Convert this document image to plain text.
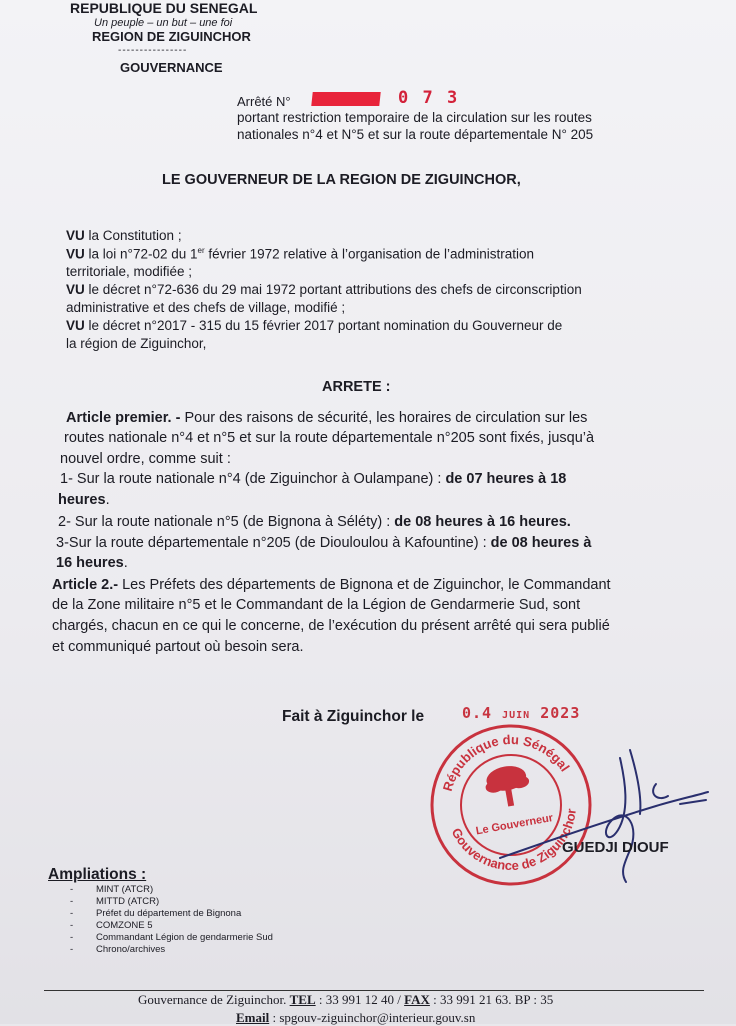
REPUBLIQUE DU SENEGAL
Un peuple – un but – une foi
REGION DE ZIGUINCHOR
----------------
GOUVERNANCE
Arrêté N°	0 7 3
portant restriction temporaire de la circulation sur les routes
nationales n°4 et N°5 et sur la route départementale N° 205
LE GOUVERNEUR DE LA REGION DE ZIGUINCHOR,
VU la Constitution ;
VU la loi n°72-02 du 1er février 1972 relative à l’organisation de l’administration
territoriale, modifiée ;
VU le décret n°72-636 du 29 mai 1972 portant attributions des chefs de circonscription
administrative et des chefs de village, modifié ;
VU le décret n°2017 - 315 du 15 février 2017 portant nomination du Gouverneur de
la région de Ziguinchor,
ARRETE :
Article premier. - Pour des raisons de sécurité, les horaires de circulation sur les
routes nationale n°4 et n°5 et sur la route départementale n°205 sont fixés, jusqu’à
nouvel ordre, comme suit :
1- Sur la route nationale n°4 (de Ziguinchor à Oulampane) : de 07 heures à 18
heures.
2- Sur la route nationale n°5 (de Bignona à Séléty) : de 08 heures à 16 heures.
3-Sur la route départementale n°205 (de Diouloulou à Kafountine) : de 08 heures à
16 heures.
Article 2.- Les Préfets des départements de Bignona et de Ziguinchor, le Commandant
de la Zone militaire n°5 et le Commandant de la Légion de Gendarmerie Sud, sont
chargés, chacun en ce qui le concerne, de l’exécution du présent arrêté qui sera publié
et communiqué partout où besoin sera.
Fait à Ziguinchor le	0.4 JUIN 2023
République du Sénégal
Gouvernance de Ziguinchor
Le Gouverneur
GUEDJI DIOUF
Ampliations :
- MINT (ATCR)
- MITTD (ATCR)
- Préfet du département de Bignona
- COMZONE 5
- Commandant Légion de gendarmerie Sud
- Chrono/archives
Gouvernance de Ziguinchor. TEL : 33 991 12 40 / FAX : 33 991 21 63. BP : 35
Email : spgouv-ziguinchor@interieur.gouv.sn
